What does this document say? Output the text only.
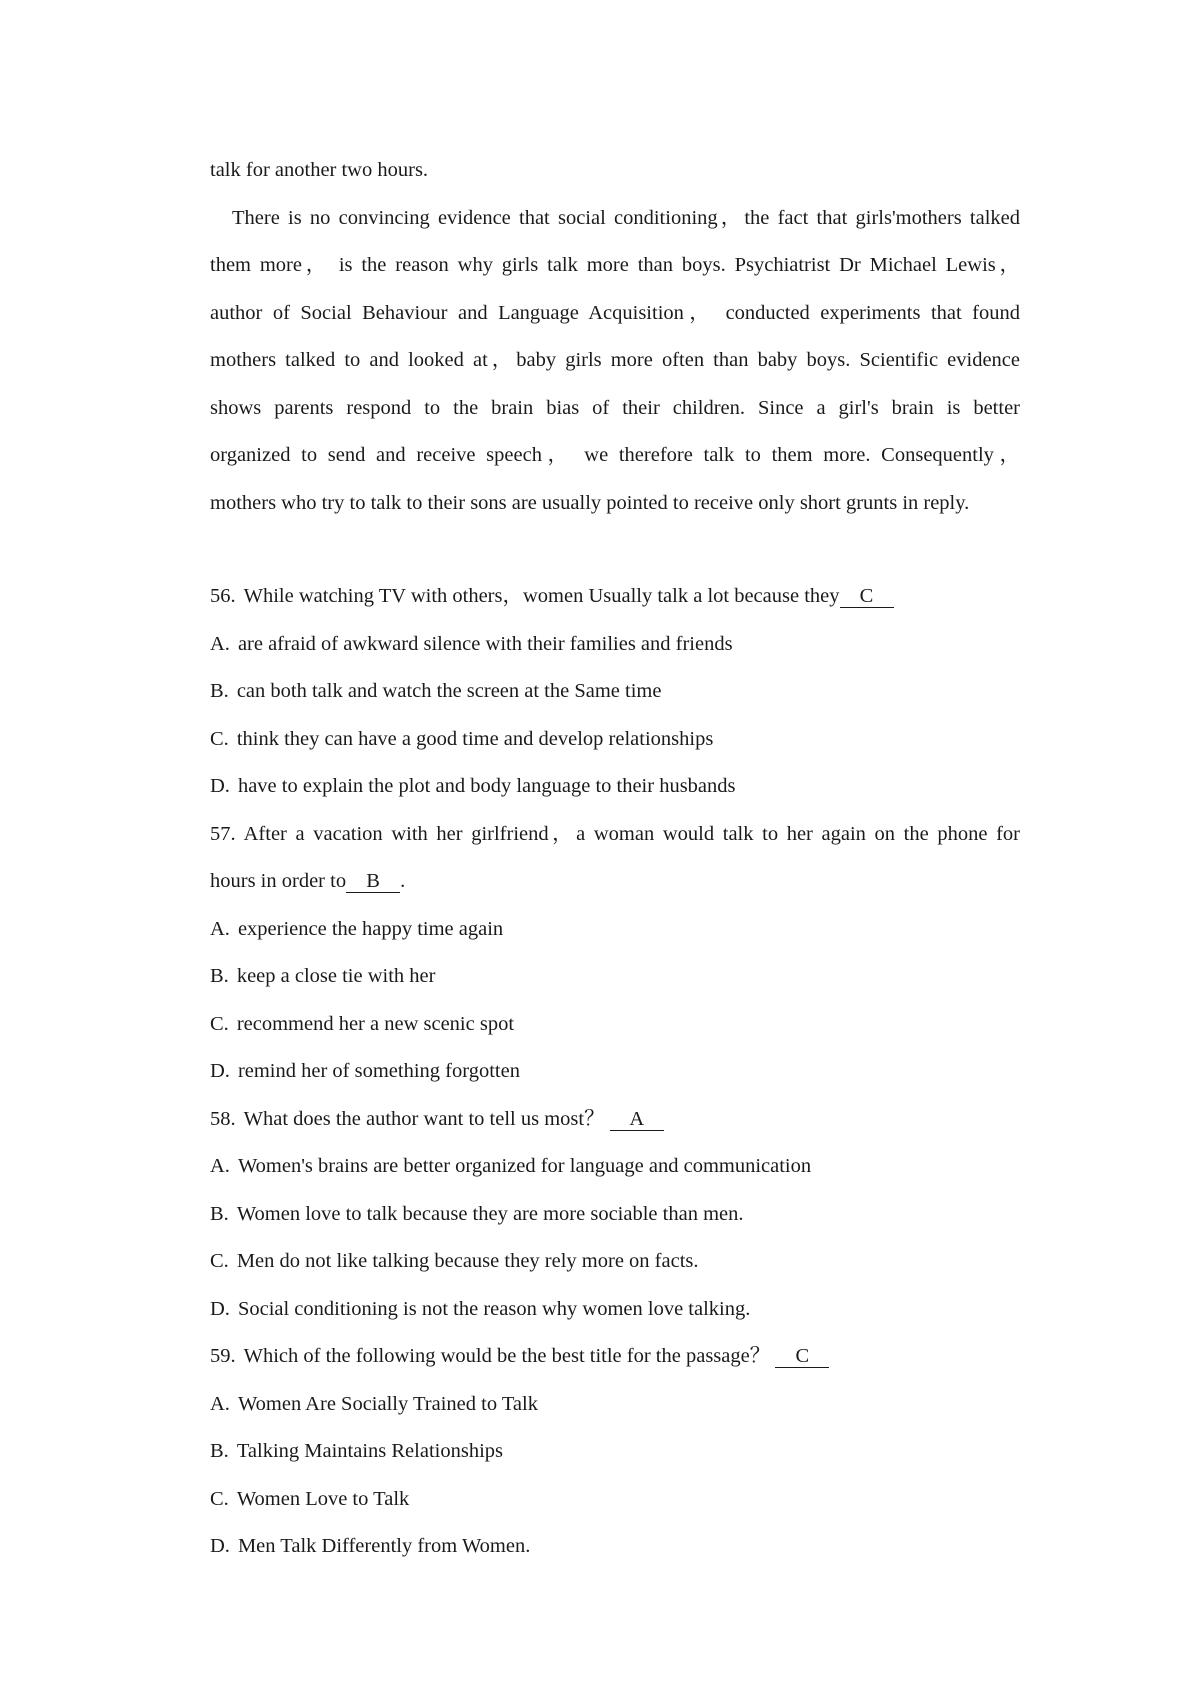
talk for another two hours.
There is no convincing evidence that social conditioning，the fact that girls'mothers talked
them more， is the reason why girls talk more than boys. Psychiatrist Dr Michael Lewis，
author of Social Behaviour and Language Acquisition， conducted experiments that found
mothers talked to and looked at，baby girls more often than baby boys. Scientific evidence
shows parents respond to the brain bias of their children. Since a girl's brain is better
organized to send and receive speech， we therefore talk to them more. Consequently，
mothers who try to talk to their sons are usually pointed to receive only short grunts in reply.
56. While watching TV with others，women Usually talk a lot because they C
A. are afraid of awkward silence with their families and friends
B. can both talk and watch the screen at the Same time
C. think they can have a good time and develop relationships
D. have to explain the plot and body language to their husbands
57. After a vacation with her girlfriend，a woman would talk to her again on the phone for
hours in order to B .
A. experience the happy time again
B. keep a close tie with her
C. recommend her a new scenic spot
D. remind her of something forgotten
58. What does the author want to tell us most？ A
A. Women's brains are better organized for language and communication
B. Women love to talk because they are more sociable than men.
C. Men do not like talking because they rely more on facts.
D. Social conditioning is not the reason why women love talking.
59. Which of the following would be the best title for the passage？ C
A. Women Are Socially Trained to Talk
B. Talking Maintains Relationships
C. Women Love to Talk
D. Men Talk Differently from Women.
